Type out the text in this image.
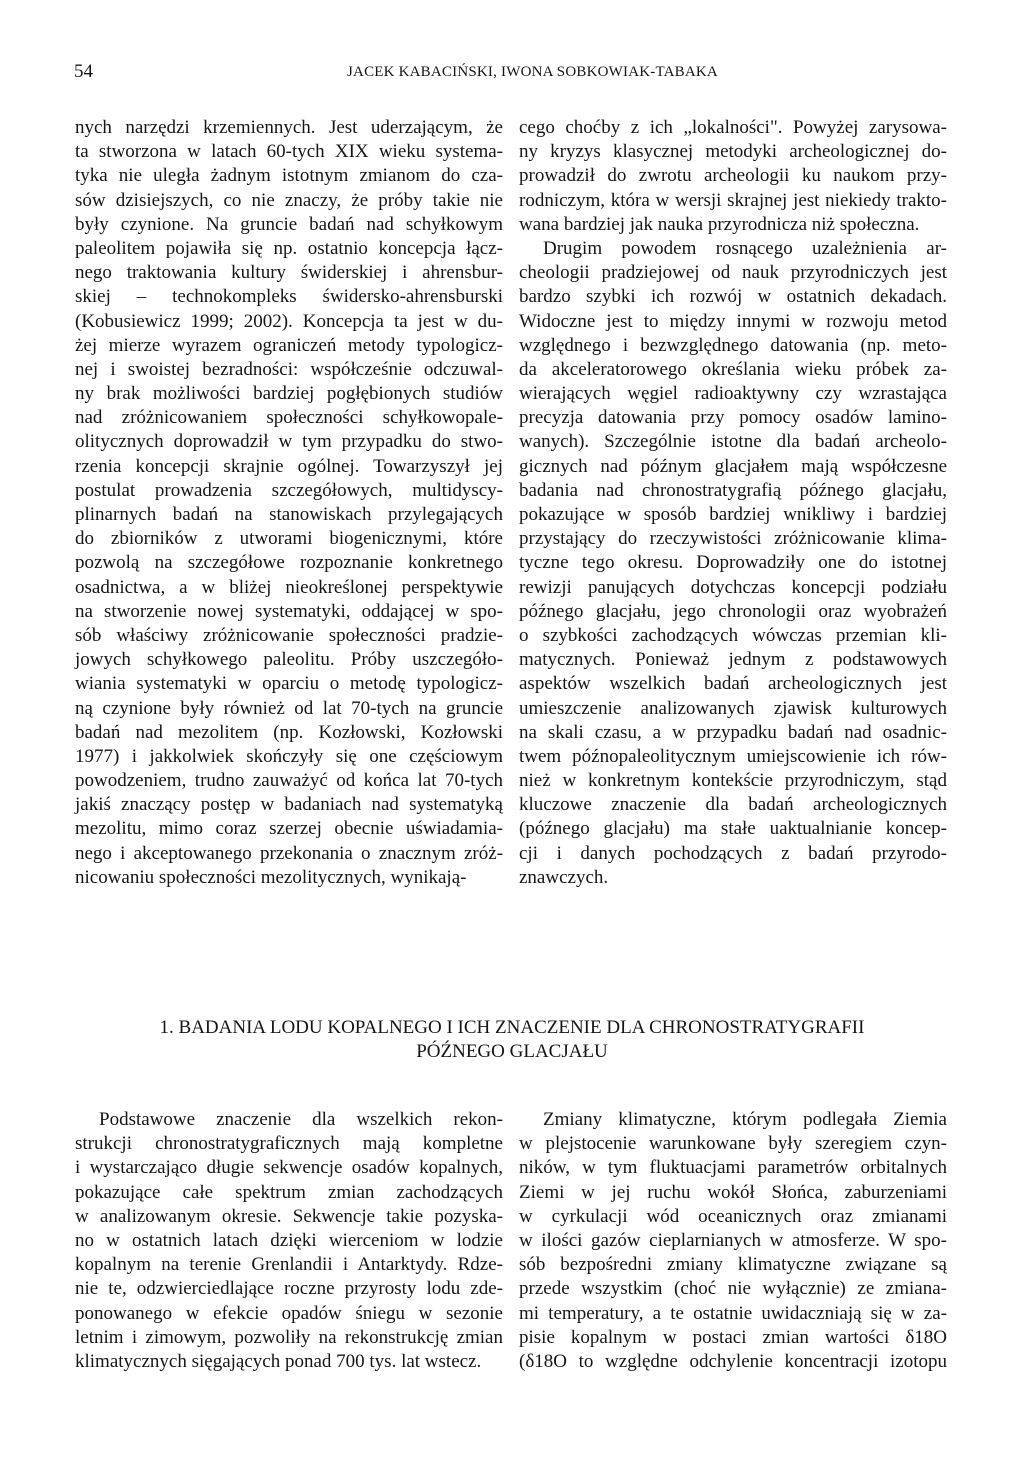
54	JACEK KABACIŃSKI, IWONA SOBKOWIAK-TABAKA
nych narzędzi krzemiennych. Jest uderzającym, że
ta stworzona w latach 60-tych XIX wieku systema-
tyka nie uległa żadnym istotnym zmianom do cza-
sów dzisiejszych, co nie znaczy, że próby takie nie
były czynione. Na gruncie badań nad schyłkowym
paleolitem pojawiła się np. ostatnio koncepcja łącz-
nego traktowania kultury świderskiej i ahrensbur-
skiej – technokompleks świdersko-ahrensburski
(Kobusiewicz 1999; 2002). Koncepcja ta jest w du-
żej mierze wyrazem ograniczeń metody typologicz-
nej i swoistej bezradności: współcześnie odczuwal-
ny brak możliwości bardziej pogłębionych studiów
nad zróżnicowaniem społeczności schyłkowopale-
olitycznych doprowadził w tym przypadku do stwo-
rzenia koncepcji skrajnie ogólnej. Towarzyszył jej
postulat prowadzenia szczegółowych, multidyscy-
plinarnych badań na stanowiskach przylegających
do zbiorników z utworami biogenicznymi, które
pozwolą na szczegółowe rozpoznanie konkretnego
osadnictwa, a w bliżej nieokreślonej perspektywie
na stworzenie nowej systematyki, oddającej w spo-
sób właściwy zróżnicowanie społeczności pradzie-
jowych schyłkowego paleolitu. Próby uszczegóło-
wiania systematyki w oparciu o metodę typologicz-
ną czynione były również od lat 70-tych na gruncie
badań nad mezolitem (np. Kozłowski, Kozłowski
1977) i jakkolwiek skończyły się one częściowym
powodzeniem, trudno zauważyć od końca lat 70-tych
jakiś znaczący postęp w badaniach nad systematyką
mezolitu, mimo coraz szerzej obecnie uświadamia-
nego i akceptowanego przekonania o znacznym zróż-
nicowaniu społeczności mezolitycznych, wynikają-
cego choćby z ich „lokalności". Powyżej zarysowa-
ny kryzys klasycznej metodyki archeologicznej do-
prowadził do zwrotu archeologii ku naukom przy-
rodniczym, która w wersji skrajnej jest niekiedy trakto-
wana bardziej jak nauka przyrodnicza niż społeczna.
Drugim powodem rosnącego uzależnienia ar-
cheologii pradziejowej od nauk przyrodniczych jest
bardzo szybki ich rozwój w ostatnich dekadach.
Widoczne jest to między innymi w rozwoju metod
względnego i bezwzględnego datowania (np. meto-
da akceleratorowego określania wieku próbek za-
wierających węgiel radioaktywny czy wzrastająca
precyzja datowania przy pomocy osadów lamino-
wanych). Szczególnie istotne dla badań archeolo-
gicznych nad późnym glacjałem mają współczesne
badania nad chronostratygrafią późnego glacjału,
pokazujące w sposób bardziej wnikliwy i bardziej
przystający do rzeczywistości zróżnicowanie klima-
tyczne tego okresu. Doprowadziły one do istotnej
rewizji panujących dotychczas koncepcji podziału
późnego glacjału, jego chronologii oraz wyobrażeń
o szybkości zachodzących wówczas przemian kli-
matycznych. Ponieważ jednym z podstawowych
aspektów wszelkich badań archeologicznych jest
umieszczenie analizowanych zjawisk kulturowych
na skali czasu, a w przypadku badań nad osadnic-
twem późnopaleolitycznym umiejscowienie ich rów-
nież w konkretnym kontekście przyrodniczym, stąd
kluczowe znaczenie dla badań archeologicznych
(późnego glacjału) ma stałe uaktualnianie koncep-
cji i danych pochodzących z badań przyrodo-
znawczych.
1. BADANIA LODU KOPALNEGO I ICH ZNACZENIE DLA CHRONOSTRATYGRAFII
PÓŹNEGO GLACJAŁU
Podstawowe znaczenie dla wszelkich rekon-
strukcji chronostratygraficznych mają kompletne
i wystarczająco długie sekwencje osadów kopalnych,
pokazujące całe spektrum zmian zachodzących
w analizowanym okresie. Sekwencje takie pozyska-
no w ostatnich latach dzięki wierceniom w lodzie
kopalnym na terenie Grenlandii i Antarktydy. Rdze-
nie te, odzwierciedlające roczne przyrosty lodu zde-
ponowanego w efekcie opadów śniegu w sezonie
letnim i zimowym, pozwoliły na rekonstrukcję zmian
klimatycznych sięgających ponad 700 tys. lat wstecz.
Zmiany klimatyczne, którym podlegała Ziemia
w plejstocenie warunkowane były szeregiem czyn-
ników, w tym fluktuacjami parametrów orbitalnych
Ziemi w jej ruchu wokół Słońca, zaburzeniami
w cyrkulacji wód oceanicznych oraz zmianami
w ilości gazów cieplarnianych w atmosferze. W spo-
sób bezpośredni zmiany klimatyczne związane są
przede wszystkim (choć nie wyłącznie) ze zmiana-
mi temperatury, a te ostatnie uwidaczniają się w za-
pisie kopalnym w postaci zmian wartości δ18O
(δ18O to względne odchylenie koncentracji izotopu
